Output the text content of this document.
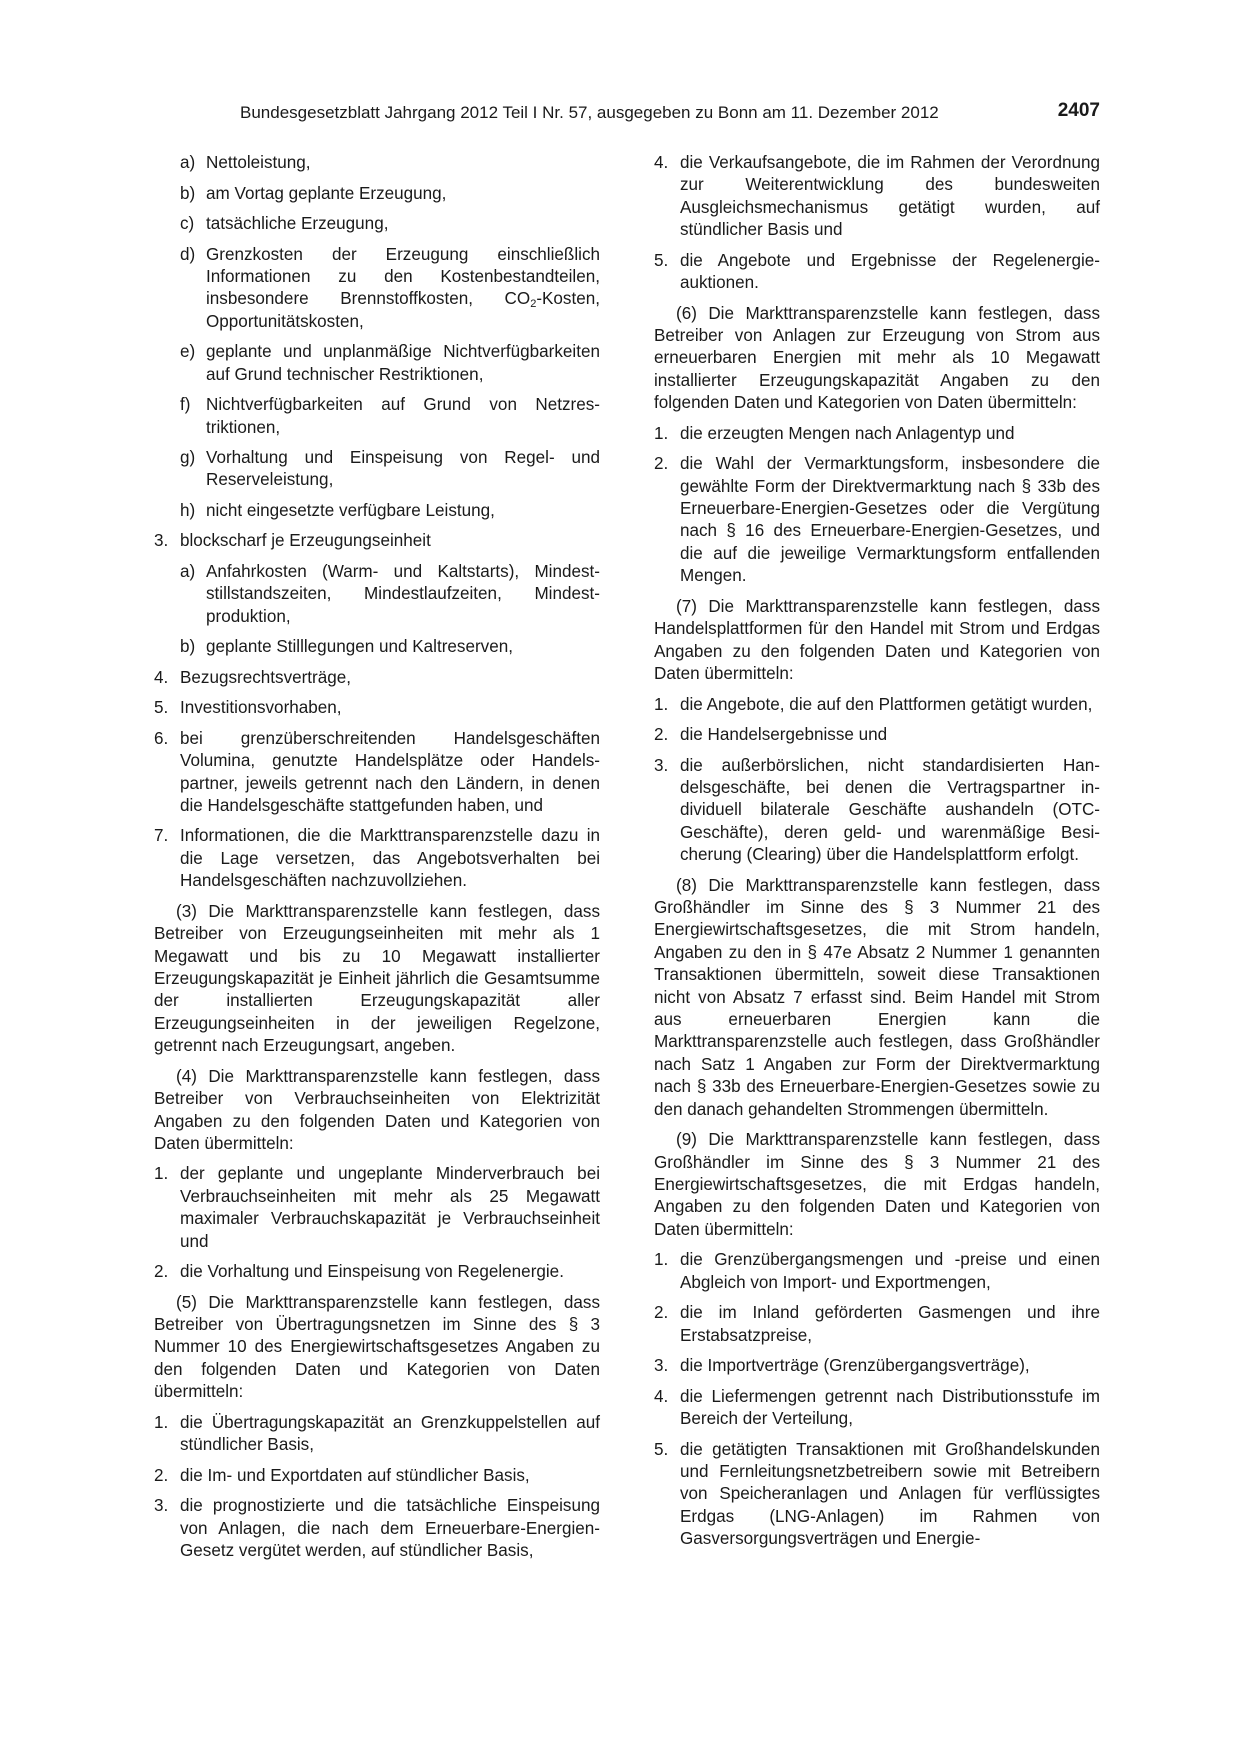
Bundesgesetzblatt Jahrgang 2012 Teil I Nr. 57, ausgegeben zu Bonn am 11. Dezember 2012	2407
a) Nettoleistung,
b) am Vortag geplante Erzeugung,
c) tatsächliche Erzeugung,
d) Grenzkosten der Erzeugung einschließlich Informationen zu den Kostenbestandteilen, insbesondere Brennstoffkosten, $CO_2$-Kosten, Opportunitätskosten,
e) geplante und unplanmäßige Nichtverfügbarkeiten auf Grund technischer Restriktionen,
f) Nichtverfügbarkeiten auf Grund von Netzrestriktionen,
g) Vorhaltung und Einspeisung von Regel- und Reserveleistung,
h) nicht eingesetzte verfügbare Leistung,
3. blockscharf je Erzeugungseinheit
a) Anfahrkosten (Warm- und Kaltstarts), Mindeststillstandszeiten, Mindestlaufzeiten, Mindestproduktion,
b) geplante Stilllegungen und Kaltreserven,
4. Bezugsrechtsverträge,
5. Investitionsvorhaben,
6. bei grenzüberschreitenden Handelsgeschäften Volumina, genutzte Handelsplätze oder Handelspartner, jeweils getrennt nach den Ländern, in denen die Handelsgeschäfte stattgefunden haben, und
7. Informationen, die die Markttransparenzstelle dazu in die Lage versetzen, das Angebotsverhalten bei Handelsgeschäften nachzuvollziehen.
(3) Die Markttransparenzstelle kann festlegen, dass Betreiber von Erzeugungseinheiten mit mehr als 1 Megawatt und bis zu 10 Megawatt installierter Erzeugungskapazität je Einheit jährlich die Gesamtsumme der installierten Erzeugungskapazität aller Erzeugungseinheiten in der jeweiligen Regelzone, getrennt nach Erzeugungsart, angeben.
(4) Die Markttransparenzstelle kann festlegen, dass Betreiber von Verbrauchseinheiten von Elektrizität Angaben zu den folgenden Daten und Kategorien von Daten übermitteln:
1. der geplante und ungeplante Minderverbrauch bei Verbrauchseinheiten mit mehr als 25 Megawatt maximaler Verbrauchskapazität je Verbrauchseinheit und
2. die Vorhaltung und Einspeisung von Regelenergie.
(5) Die Markttransparenzstelle kann festlegen, dass Betreiber von Übertragungsnetzen im Sinne des § 3 Nummer 10 des Energiewirtschaftsgesetzes Angaben zu den folgenden Daten und Kategorien von Daten übermitteln:
1. die Übertragungskapazität an Grenzkuppelstellen auf stündlicher Basis,
2. die Im- und Exportdaten auf stündlicher Basis,
3. die prognostizierte und die tatsächliche Einspeisung von Anlagen, die nach dem Erneuerbare-Energien-Gesetz vergütet werden, auf stündlicher Basis,
4. die Verkaufsangebote, die im Rahmen der Verordnung zur Weiterentwicklung des bundesweiten Ausgleichsmechanismus getätigt wurden, auf stündlicher Basis und
5. die Angebote und Ergebnisse der Regelenergieauktionen.
(6) Die Markttransparenzstelle kann festlegen, dass Betreiber von Anlagen zur Erzeugung von Strom aus erneuerbaren Energien mit mehr als 10 Megawatt installierter Erzeugungskapazität Angaben zu den folgenden Daten und Kategorien von Daten übermitteln:
1. die erzeugten Mengen nach Anlagentyp und
2. die Wahl der Vermarktungsform, insbesondere die gewählte Form der Direktvermarktung nach § 33b des Erneuerbare-Energien-Gesetzes oder die Vergütung nach § 16 des Erneuerbare-Energien-Gesetzes, und die auf die jeweilige Vermarktungsform entfallenden Mengen.
(7) Die Markttransparenzstelle kann festlegen, dass Handelsplattformen für den Handel mit Strom und Erdgas Angaben zu den folgenden Daten und Kategorien von Daten übermitteln:
1. die Angebote, die auf den Plattformen getätigt wurden,
2. die Handelsergebnisse und
3. die außerbörslichen, nicht standardisierten Handelsgeschäfte, bei denen die Vertragspartner individuell bilaterale Geschäfte aushandeln (OTC-Geschäfte), deren geld- und warenmäßige Besicherung (Clearing) über die Handelsplattform erfolgt.
(8) Die Markttransparenzstelle kann festlegen, dass Großhändler im Sinne des § 3 Nummer 21 des Energiewirtschaftsgesetzes, die mit Strom handeln, Angaben zu den in § 47e Absatz 2 Nummer 1 genannten Transaktionen übermitteln, soweit diese Transaktionen nicht von Absatz 7 erfasst sind. Beim Handel mit Strom aus erneuerbaren Energien kann die Markttransparenzstelle auch festlegen, dass Großhändler nach Satz 1 Angaben zur Form der Direktvermarktung nach § 33b des Erneuerbare-Energien-Gesetzes sowie zu den danach gehandelten Strommengen übermitteln.
(9) Die Markttransparenzstelle kann festlegen, dass Großhändler im Sinne des § 3 Nummer 21 des Energiewirtschaftsgesetzes, die mit Erdgas handeln, Angaben zu den folgenden Daten und Kategorien von Daten übermitteln:
1. die Grenzübergangsmengen und -preise und einen Abgleich von Import- und Exportmengen,
2. die im Inland geförderten Gasmengen und ihre Erstabsatzpreise,
3. die Importverträge (Grenzübergangsverträge),
4. die Liefermengen getrennt nach Distributionsstufe im Bereich der Verteilung,
5. die getätigten Transaktionen mit Großhandelskunden und Fernleitungsnetzbetreibern sowie mit Betreibern von Speicheranlagen und Anlagen für verflüssigtes Erdgas (LNG-Anlagen) im Rahmen von Gasversorgungsverträgen und Energie-
